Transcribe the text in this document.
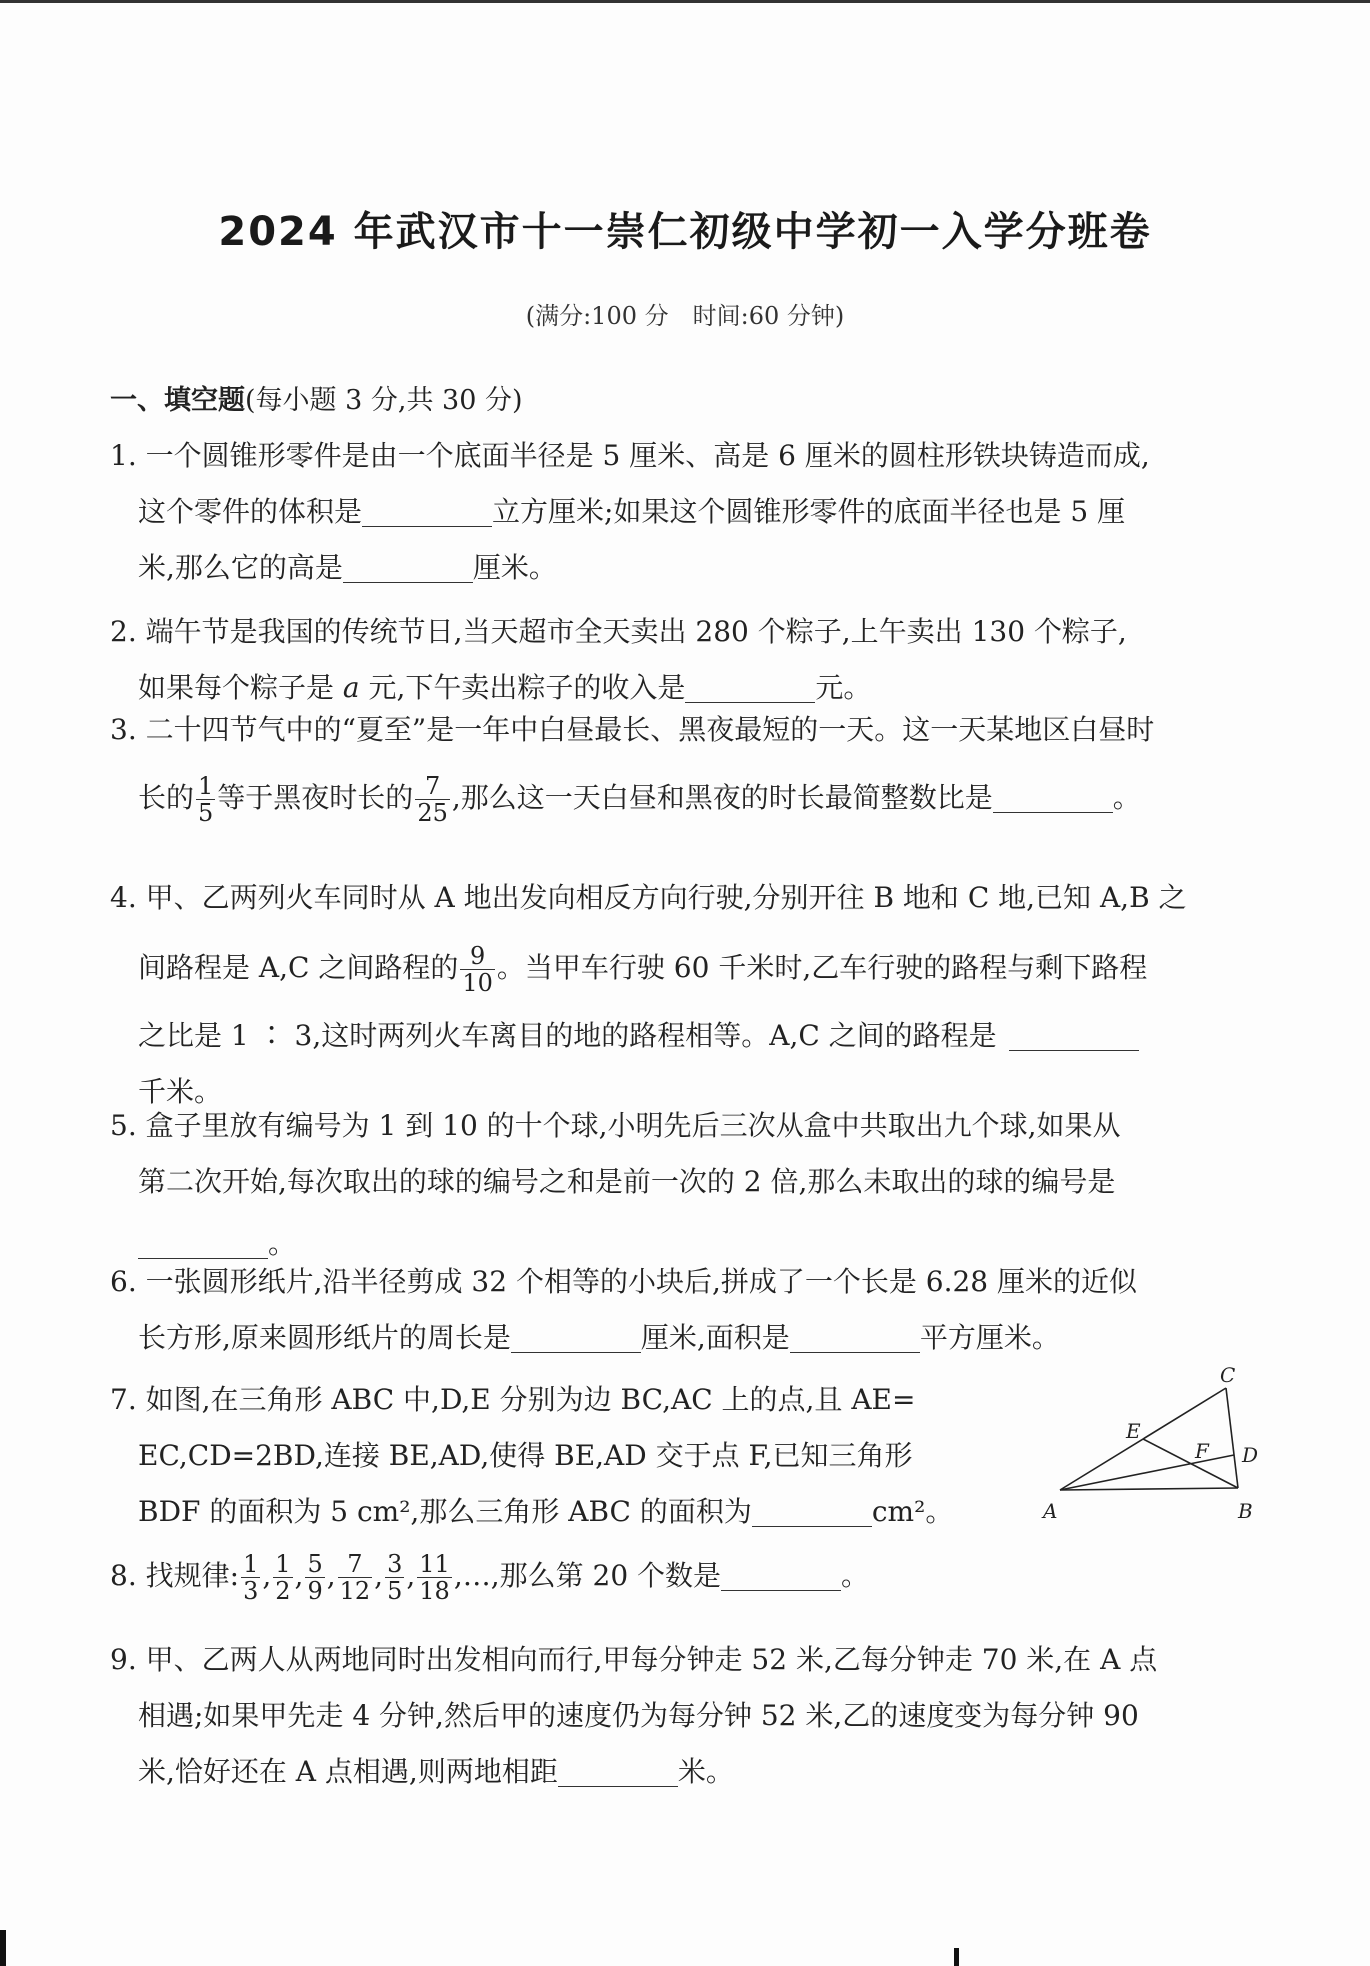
2024 年武汉市十一崇仁初级中学初一入学分班卷
(满分:100 分　时间:60 分钟)
一、填空题(每小题 3 分,共 30 分)
1. 一个圆锥形零件是由一个底面半径是 5 厘米、高是 6 厘米的圆柱形铁块铸造而成,
这个零件的体积是	立方厘米;如果这个圆锥形零件的底面半径也是 5 厘
米,那么它的高是	厘米。
2. 端午节是我国的传统节日,当天超市全天卖出 280 个粽子,上午卖出 130 个粽子,
如果每个粽子是 a 元,下午卖出粽子的收入是	元。
3. 二十四节气中的“夏至”是一年中白昼最长、黑夜最短的一天。这一天某地区白昼时
长的 $\frac{1}{5}$ 等于黑夜时长的 $\frac{7}{25}$ ,那么这一天白昼和黑夜的时长最简整数比是	。
4. 甲、乙两列火车同时从 A 地出发向相反方向行驶,分别开往 B 地和 C 地,已知 A,B 之
间路程是 A,C 之间路程的 $\frac{9}{10}$ 。当甲车行驶 60 千米时,乙车行驶的路程与剩下路程
之比是 1 ∶ 3,这时两列火车离目的地的路程相等。A,C 之间的路程是
千米。
5. 盒子里放有编号为 1 到 10 的十个球,小明先后三次从盒中共取出九个球,如果从
第二次开始,每次取出的球的编号之和是前一次的 2 倍,那么未取出的球的编号是
。
6. 一张圆形纸片,沿半径剪成 32 个相等的小块后,拼成了一个长是 6.28 厘米的近似
长方形,原来圆形纸片的周长是	厘米,面积是	平方厘米。
7. 如图,在三角形 ABC 中,D,E 分别为边 BC,AC 上的点,且 AE=
EC,CD=2BD,连接 BE,AD,使得 BE,AD 交于点 F,已知三角形
BDF 的面积为 5 cm²,那么三角形 ABC 的面积为	cm²。	A	B
C
D
E
F
8. 找规律: $\frac{1}{3}$ , $\frac{1}{2}$ , $\frac{5}{9}$ , $\frac{7}{12}$ , $\frac{3}{5}$ , $\frac{11}{18}$ ,…,那么第 20 个数是	。
9. 甲、乙两人从两地同时出发相向而行,甲每分钟走 52 米,乙每分钟走 70 米,在 A 点
相遇;如果甲先走 4 分钟,然后甲的速度仍为每分钟 52 米,乙的速度变为每分钟 90
米,恰好还在 A 点相遇,则两地相距	米。
